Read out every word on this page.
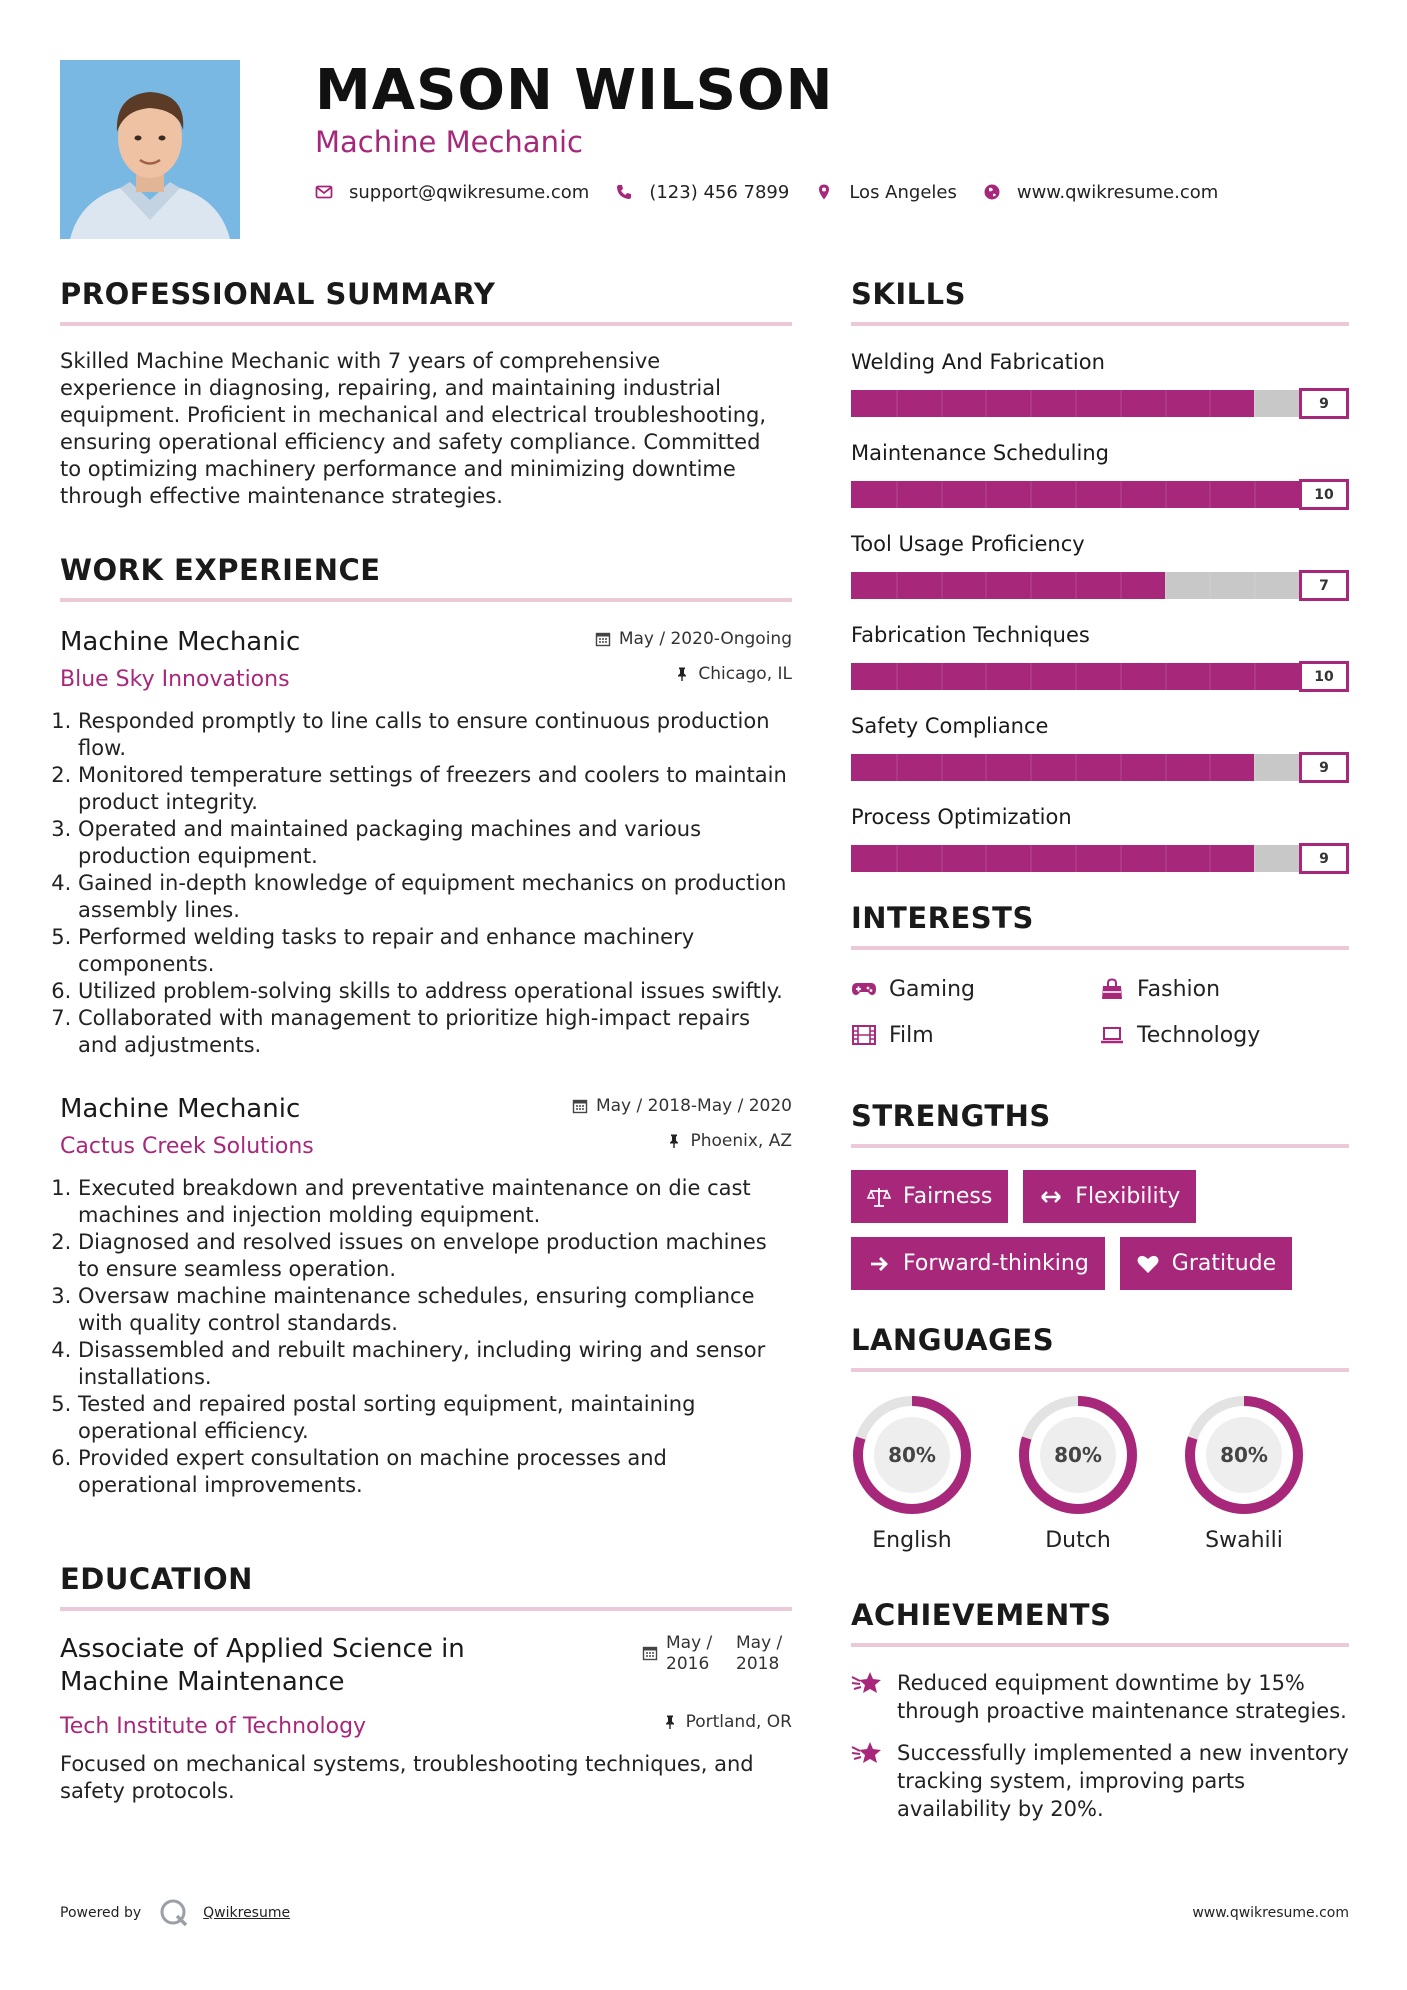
MASON WILSON
Machine Mechanic
support@qwikresume.com	(123) 456 7899	Los Angeles	www.qwikresume.com
PROFESSIONAL SUMMARY

Skilled Machine Mechanic with 7 years of comprehensive experience in diagnosing, repairing, and maintaining industrial equipment. Proficient in mechanical and electrical troubleshooting, ensuring operational efficiency and safety compliance. Committed to optimizing machinery performance and minimizing downtime through effective maintenance strategies.

WORK EXPERIENCE
Machine Mechanic
Blue Sky Innovations
May / 2020-Ongoing
Chicago, IL
1. Responded promptly to line calls to ensure continuous production flow.
2. Monitored temperature settings of freezers and coolers to maintain product integrity.
3. Operated and maintained packaging machines and various production equipment.
4. Gained in-depth knowledge of equipment mechanics on production assembly lines.
5. Performed welding tasks to repair and enhance machinery components.
6. Utilized problem-solving skills to address operational issues swiftly.
7. Collaborated with management to prioritize high-impact repairs and adjustments.
Machine Mechanic
Cactus Creek Solutions
May / 2018-May / 2020
Phoenix, AZ
1. Executed breakdown and preventative maintenance on die cast machines and injection molding equipment.
2. Diagnosed and resolved issues on envelope production machines to ensure seamless operation.
3. Oversaw machine maintenance schedules, ensuring compliance with quality control standards.
4. Disassembled and rebuilt machinery, including wiring and sensor installations.
5. Tested and repaired postal sorting equipment, maintaining operational efficiency.
6. Provided expert consultation on machine processes and operational improvements.
EDUCATION
Associate of Applied Science in Machine Maintenance
Tech Institute of Technology
May / 2016
May / 2018
Portland, OR

Focused on mechanical systems, troubleshooting techniques, and safety protocols.

SKILLS
Welding And Fabrication
9
Maintenance Scheduling
10
Tool Usage Proficiency
7
Fabrication Techniques
10
Safety Compliance
9
Process Optimization
9
INTERESTS
Gaming	Fashion
Film	Technology
STRENGTHS
Fairness	Flexibility
Forward-thinking	Gratitude
LANGUAGES
80%
English
80%
Dutch
80%
Swahili
ACHIEVEMENTS
Reduced equipment downtime by 15% through proactive maintenance strategies.
Successfully implemented a new inventory tracking system, improving parts availability by 20%.
Powered by	Qwikresume	www.qwikresume.com
